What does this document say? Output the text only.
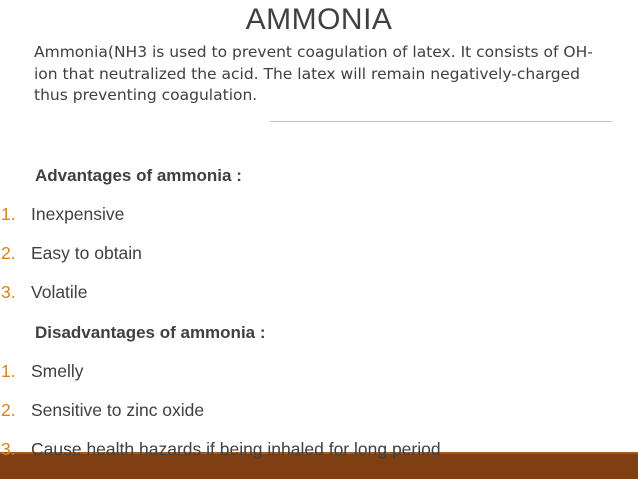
AMMONIA
Ammonia(NH3 is used to prevent coagulation of latex. It consists of OH-ion that neutralized the acid. The latex will remain negatively-charged thus preventing coagulation.
Advantages of ammonia :
1. Inexpensive
2. Easy to obtain
3. Volatile
Disadvantages of ammonia :
1. Smelly
2. Sensitive to zinc oxide
3. Cause health hazards if being inhaled for long period
